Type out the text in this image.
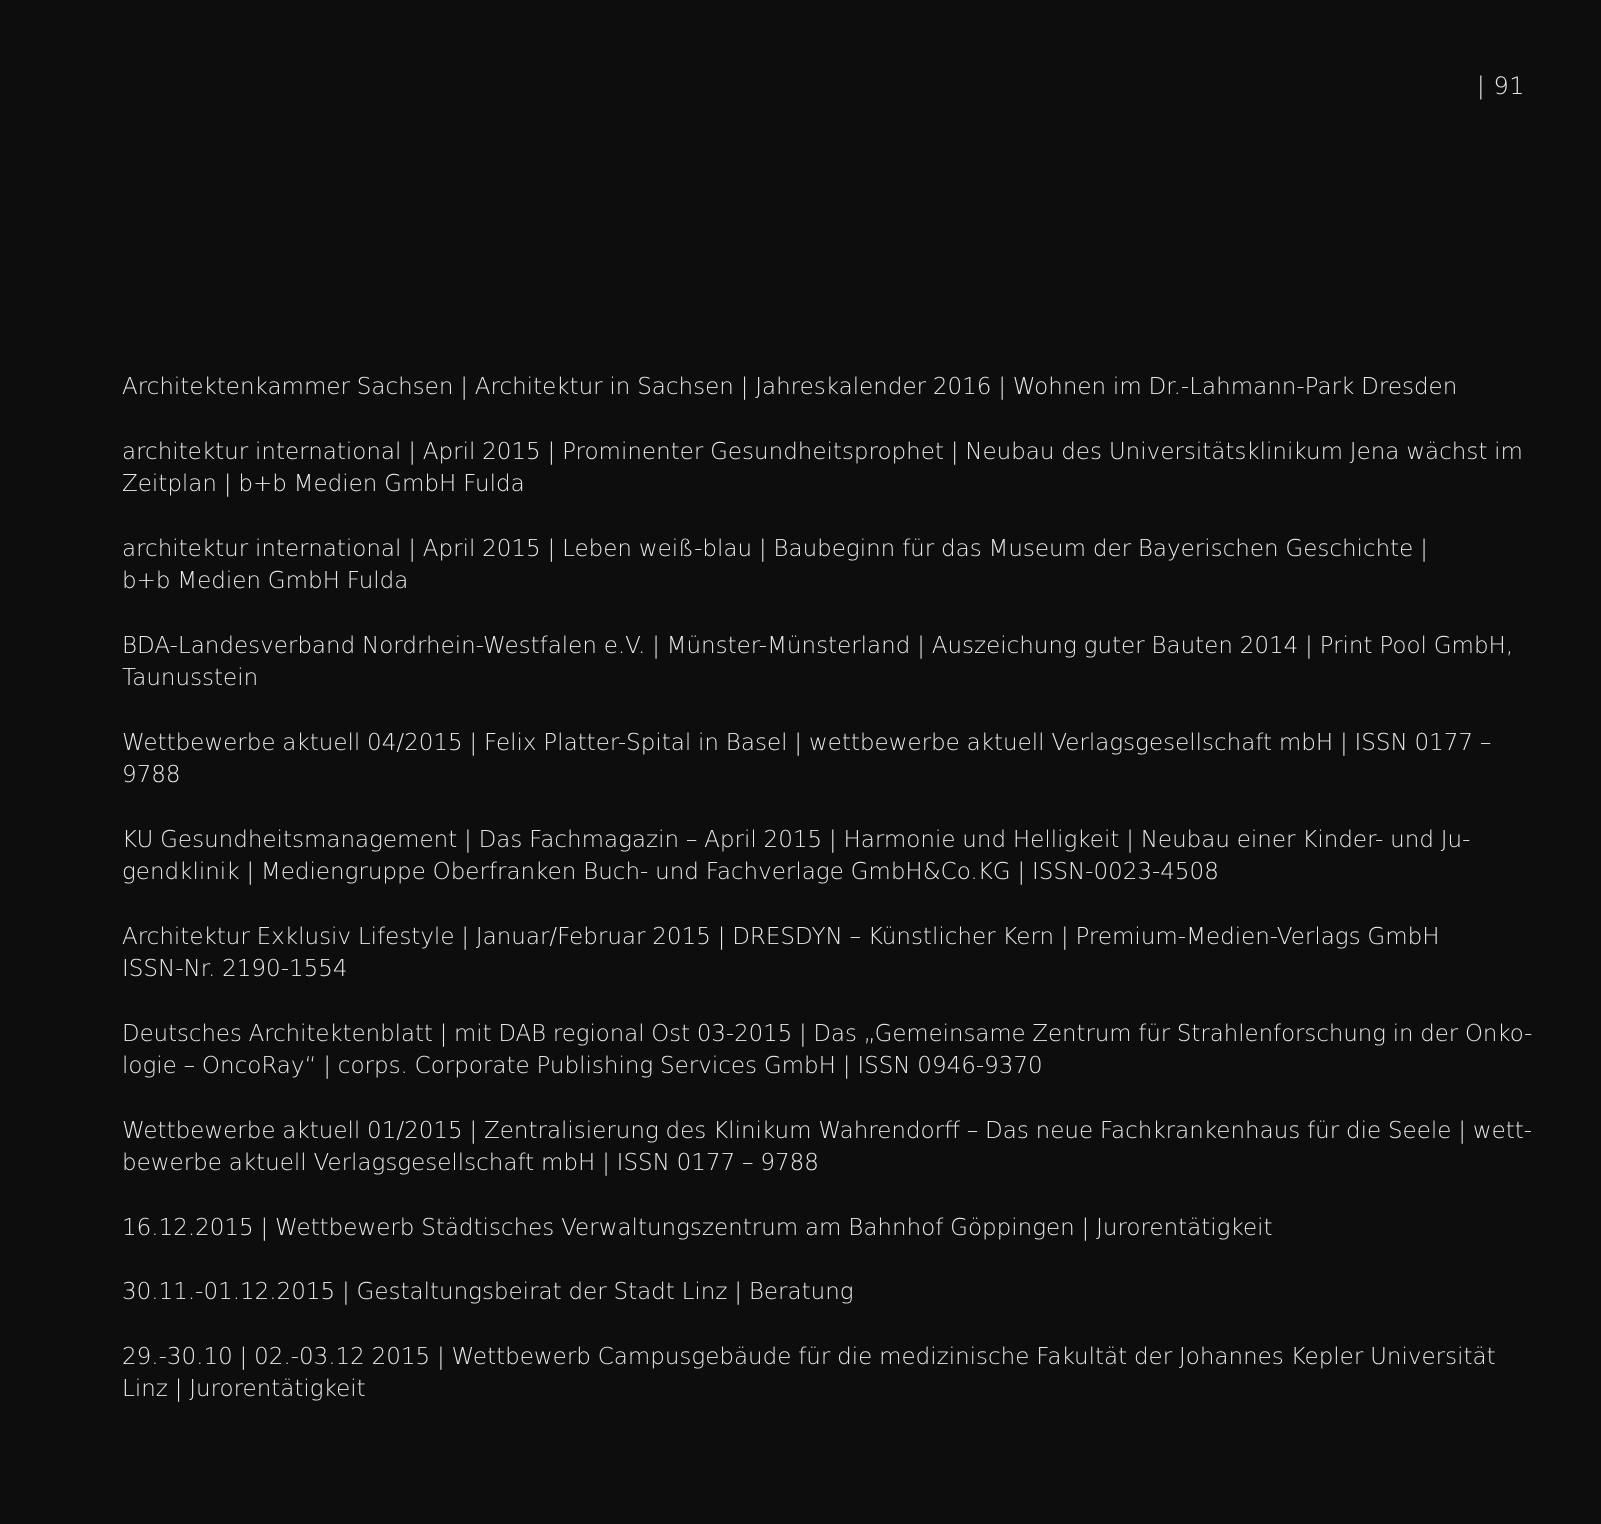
| 91
Architektenkammer Sachsen | Architektur in Sachsen | Jahreskalender 2016 | Wohnen im Dr.-Lahmann-Park Dresden
architektur international | April 2015 | Prominenter Gesundheitsprophet | Neubau des Universitätsklinikum Jena wächst im
Zeitplan | b+b Medien GmbH Fulda
architektur international | April 2015 | Leben weiß-blau | Baubeginn für das Museum der Bayerischen Geschichte |
b+b Medien GmbH Fulda
BDA-Landesverband Nordrhein-Westfalen e.V. | Münster-Münsterland | Auszeichung guter Bauten 2014 | Print Pool GmbH,
Taunusstein
Wettbewerbe aktuell 04/2015 | Felix Platter-Spital in Basel | wettbewerbe aktuell Verlagsgesellschaft mbH | ISSN 0177 –
9788
KU Gesundheitsmanagement | Das Fachmagazin – April 2015 | Harmonie und Helligkeit | Neubau einer Kinder- und Ju-
gendklinik | Mediengruppe Oberfranken Buch- und Fachverlage GmbH&Co.KG | ISSN-0023-4508
Architektur Exklusiv Lifestyle | Januar/Februar 2015 | DRESDYN – Künstlicher Kern | Premium-Medien-Verlags GmbH
ISSN-Nr. 2190-1554
Deutsches Architektenblatt | mit DAB regional Ost 03-2015 | Das „Gemeinsame Zentrum für Strahlenforschung in der Onko-
logie – OncoRay“ | corps. Corporate Publishing Services GmbH | ISSN 0946-9370
Wettbewerbe aktuell 01/2015 | Zentralisierung des Klinikum Wahrendorff – Das neue Fachkrankenhaus für die Seele | wett-
bewerbe aktuell Verlagsgesellschaft mbH | ISSN 0177 – 9788
16.12.2015 | Wettbewerb Städtisches Verwaltungszentrum am Bahnhof Göppingen | Jurorentätigkeit
30.11.-01.12.2015 | Gestaltungsbeirat der Stadt Linz | Beratung
29.-30.10 | 02.-03.12 2015 | Wettbewerb Campusgebäude für die medizinische Fakultät der Johannes Kepler Universität
Linz | Jurorentätigkeit
